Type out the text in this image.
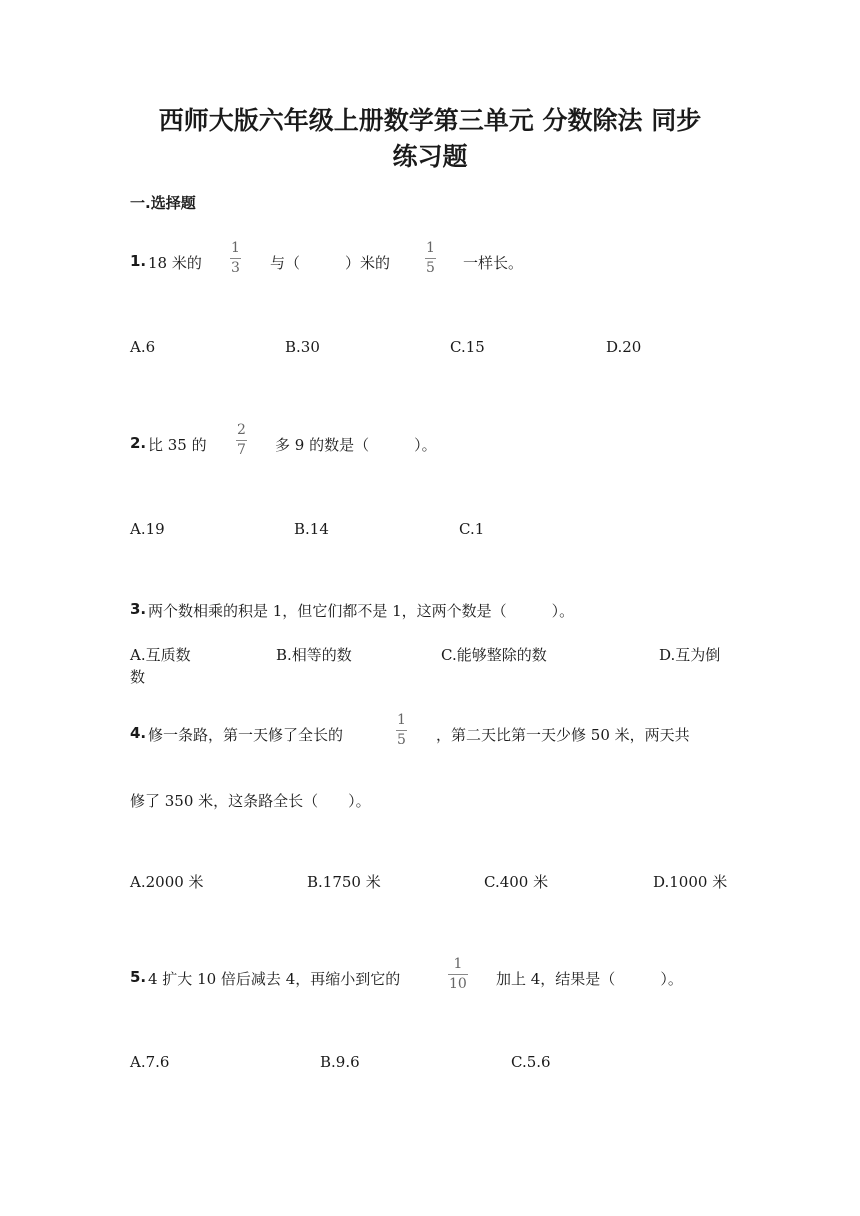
西师大版六年级上册数学第三单元 分数除法 同步
练习题
一.选择题
1. 18 米的
1
3 与（　　　）米的
1
5 一样长。
A.6	B.30	C.15	D.20
2. 比 35 的
2
7 多 9 的数是（　　　）。
A.19	B.14	C.1
3. 两个数相乘的积是 1，但它们都不是 1，这两个数是（　　　）。
A.互质数	B.相等的数	C.能够整除的数	D.互为倒
数
4. 修一条路，第一天修了全长的
1
5 ，第二天比第一天少修 50 米，两天共
修了 350 米，这条路全长（　　）。
A.2000 米	B.1750 米	C.400 米	D.1000 米
5. 4 扩大 10 倍后减去 4，再缩小到它的
1
10 加上 4，结果是（　　　）。
A.7.6	B.9.6	C.5.6
